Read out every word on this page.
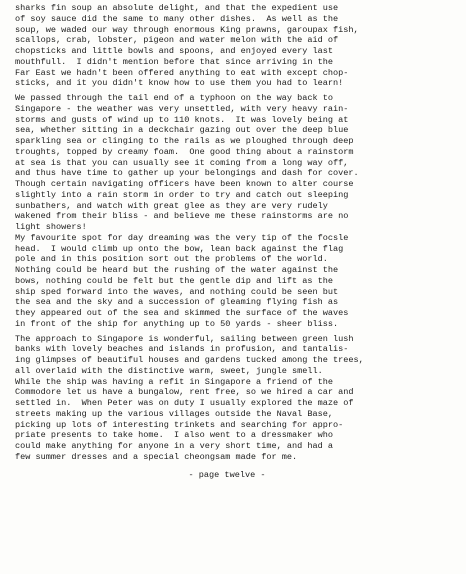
sharks fin soup an absolute delight, and that the expedient use
of soy sauce did the same to many other dishes.  As well as the
soup, we waded our way through enormous King prawns, garoupax fish,
scallops, crab, lobster, pigeon and water melon with the aid of
chopsticks and little bowls and spoons, and enjoyed every last
mouthfull.  I didn't mention before that since arriving in the
Far East we hadn't been offered anything to eat with except chop-
sticks, and it you didn't know how to use them you had to learn!
We passed through the tail end of a typhoon on the way back to
Singapore - the weather was very unsettled, with very heavy rain-
storms and gusts of wind up to 110 knots.  It was lovely being at
sea, whether sitting in a deckchair gazing out over the deep blue
sparkling sea or clinging to the rails as we ploughed through deep
troughts, topped by creamy foam.  One good thing about a rainstorm
at sea is that you can usually see it coming from a long way off,
and thus have time to gather up your belongings and dash for cover.
Though certain navigating officers have been known to alter course
slightly into a rain storm in order to try and catch out sleeping
sunbathers, and watch with great glee as they are very rudely
wakened from their bliss - and believe me these rainstorms are no
light showers!
My favourite spot for day dreaming was the very tip of the focsle
head.  I would climb up onto the bow, lean back against the flag
pole and in this position sort out the problems of the world.
Nothing could be heard but the rushing of the water against the
bows, nothing could be felt but the gentle dip and lift as the
ship sped forward into the waves, and nothing could be seen but
the sea and the sky and a succession of gleaming flying fish as
they appeared out of the sea and skimmed the surface of the waves
in front of the ship for anything up to 50 yards - sheer bliss.
The approach to Singapore is wonderful, sailing between green lush
banks with lovely beaches and islands in profusion, and tantalis-
ing glimpses of beautiful houses and gardens tucked among the trees,
all overlaid with the distinctive warm, sweet, jungle smell.
While the ship was having a refit in Singapore a friend of the
Commodore let us have a bungalow, rent free, so we hired a car and
settled in.  When Peter was on duty I usually explored the maze of
streets making up the various villages outside the Naval Base,
picking up lots of interesting trinkets and searching for appro-
priate presents to take home.  I also went to a dressmaker who
could make anything for anyone in a very short time, and had a
few summer dresses and a special cheongsam made for me.
- page twelve -
